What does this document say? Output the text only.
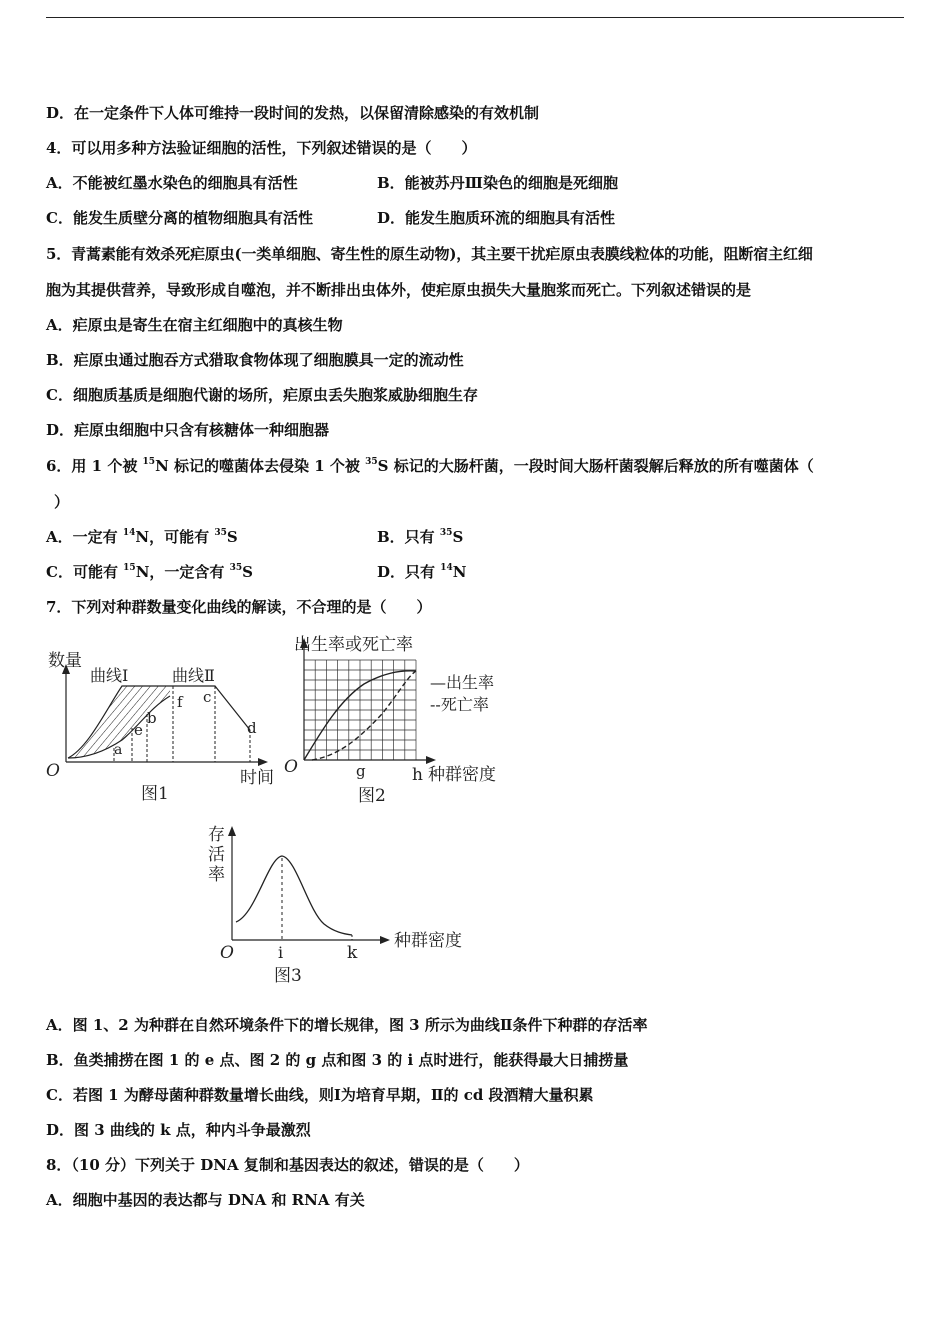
D．在一定条件下人体可维持一段时间的发热，以保留清除感染的有效机制
4．可以用多种方法验证细胞的活性，下列叙述错误的是（　　）
A．不能被红墨水染色的细胞具有活性	B．能被苏丹Ⅲ染色的细胞是死细胞
C．能发生质壁分离的植物细胞具有活性	D．能发生胞质环流的细胞具有活性
5．青蒿素能有效杀死疟原虫(一类单细胞、寄生性的原生动物)，其主要干扰疟原虫表膜线粒体的功能，阻断宿主红细
胞为其提供营养，导致形成自噬泡，并不断排出虫体外，使疟原虫损失大量胞浆而死亡。下列叙述错误的是
A．疟原虫是寄生在宿主红细胞中的真核生物
B．疟原虫通过胞吞方式猎取食物体现了细胞膜具一定的流动性
C．细胞质基质是细胞代谢的场所，疟原虫丢失胞浆威胁细胞生存
D．疟原虫细胞中只含有核糖体一种细胞器
6．用 1 个被 $^{15}$N 标记的噬菌体去侵染 1 个被 $^{35}$S 标记的大肠杆菌，一段时间大肠杆菌裂解后释放的所有噬菌体（
）
A．一定有 $^{14}$N，可能有 $^{35}$S	B．只有 $^{35}$S
C．可能有 $^{15}$N，一定含有 $^{35}$S	D．只有 $^{14}$N
7．下列对种群数量变化曲线的解读，不合理的是（　　）
数量
曲线Ⅰ	曲线Ⅱ
a
e
b
f c
d
O	时间
图1
出生率或死亡率
—出生率
--死亡率
O	g	h 种群密度
图2
存
活
率
O	i	k
种群密度
图3
A．图 1、2 为种群在自然环境条件下的增长规律，图 3 所示为曲线Ⅱ条件下种群的存活率
B．鱼类捕捞在图 1 的 e 点、图 2 的 g 点和图 3 的 i 点时进行，能获得最大日捕捞量
C．若图 1 为酵母菌种群数量增长曲线，则Ⅰ为培育早期，Ⅱ的 cd 段酒精大量积累
D．图 3 曲线的 k 点，种内斗争最激烈
8．（10 分）下列关于 DNA 复制和基因表达的叙述，错误的是（　　）
A．细胞中基因的表达都与 DNA 和 RNA 有关
